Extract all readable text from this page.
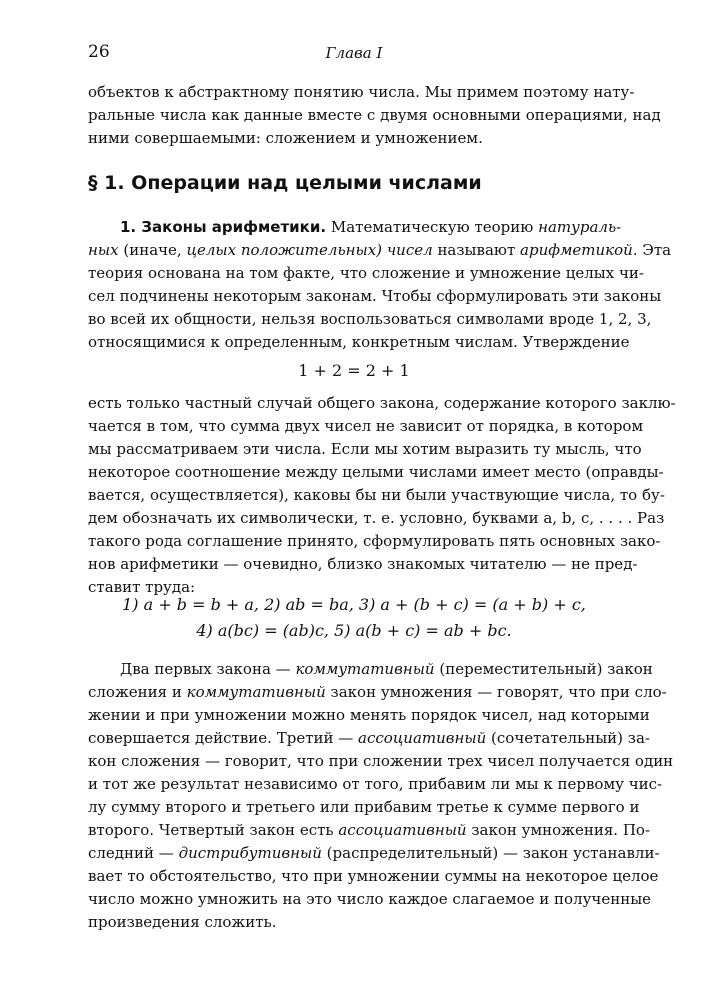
26	Глава I
объектов к абстрактному понятию числа. Мы примем поэтому нату-
ральные числа как данные вместе с двумя основными операциями, над
ними совершаемыми: сложением и умножением.
§ 1. Операции над целыми числами
1. Законы арифметики. Математическую теорию натураль-
ных (иначе, целых положительных) чисел называют арифметикой. Эта
теория основана на том факте, что сложение и умножение целых чи-
сел подчинены некоторым законам. Чтобы сформулировать эти законы
во всей их общности, нельзя воспользоваться символами вроде 1, 2, 3,
относящимися к определенным, конкретным числам. Утверждение
1 + 2 = 2 + 1
есть только частный случай общего закона, содержание которого заклю-
чается в том, что сумма двух чисел не зависит от порядка, в котором
мы рассматриваем эти числа. Если мы хотим выразить ту мысль, что
некоторое соотношение между целыми числами имеет место (оправды-
вается, осуществляется), каковы бы ни были участвующие числа, то бу-
дем обозначать их символически, т. е. условно, буквами a, b, c, . . . . Раз
такого рода соглашение принято, сформулировать пять основных зако-
нов арифметики — очевидно, близко знакомых читателю — не пред-
ставит труда:
1) a + b = b + a, 2) ab = ba, 3) a + (b + c) = (a + b) + c,
4) a(bc) = (ab)c, 5) a(b + c) = ab + bc.
Два первых закона — коммутативный (переместительный) закон
сложения и коммутативный закон умножения — говорят, что при сло-
жении и при умножении можно менять порядок чисел, над которыми
совершается действие. Третий — ассоциативный (сочетательный) за-
кон сложения — говорит, что при сложении трех чисел получается один
и тот же результат независимо от того, прибавим ли мы к первому чис-
лу сумму второго и третьего или прибавим третье к сумме первого и
второго. Четвертый закон есть ассоциативный закон умножения. По-
следний — дистрибутивный (распределительный) — закон устанавли-
вает то обстоятельство, что при умножении суммы на некоторое целое
число можно умножить на это число каждое слагаемое и полученные
произведения сложить.
